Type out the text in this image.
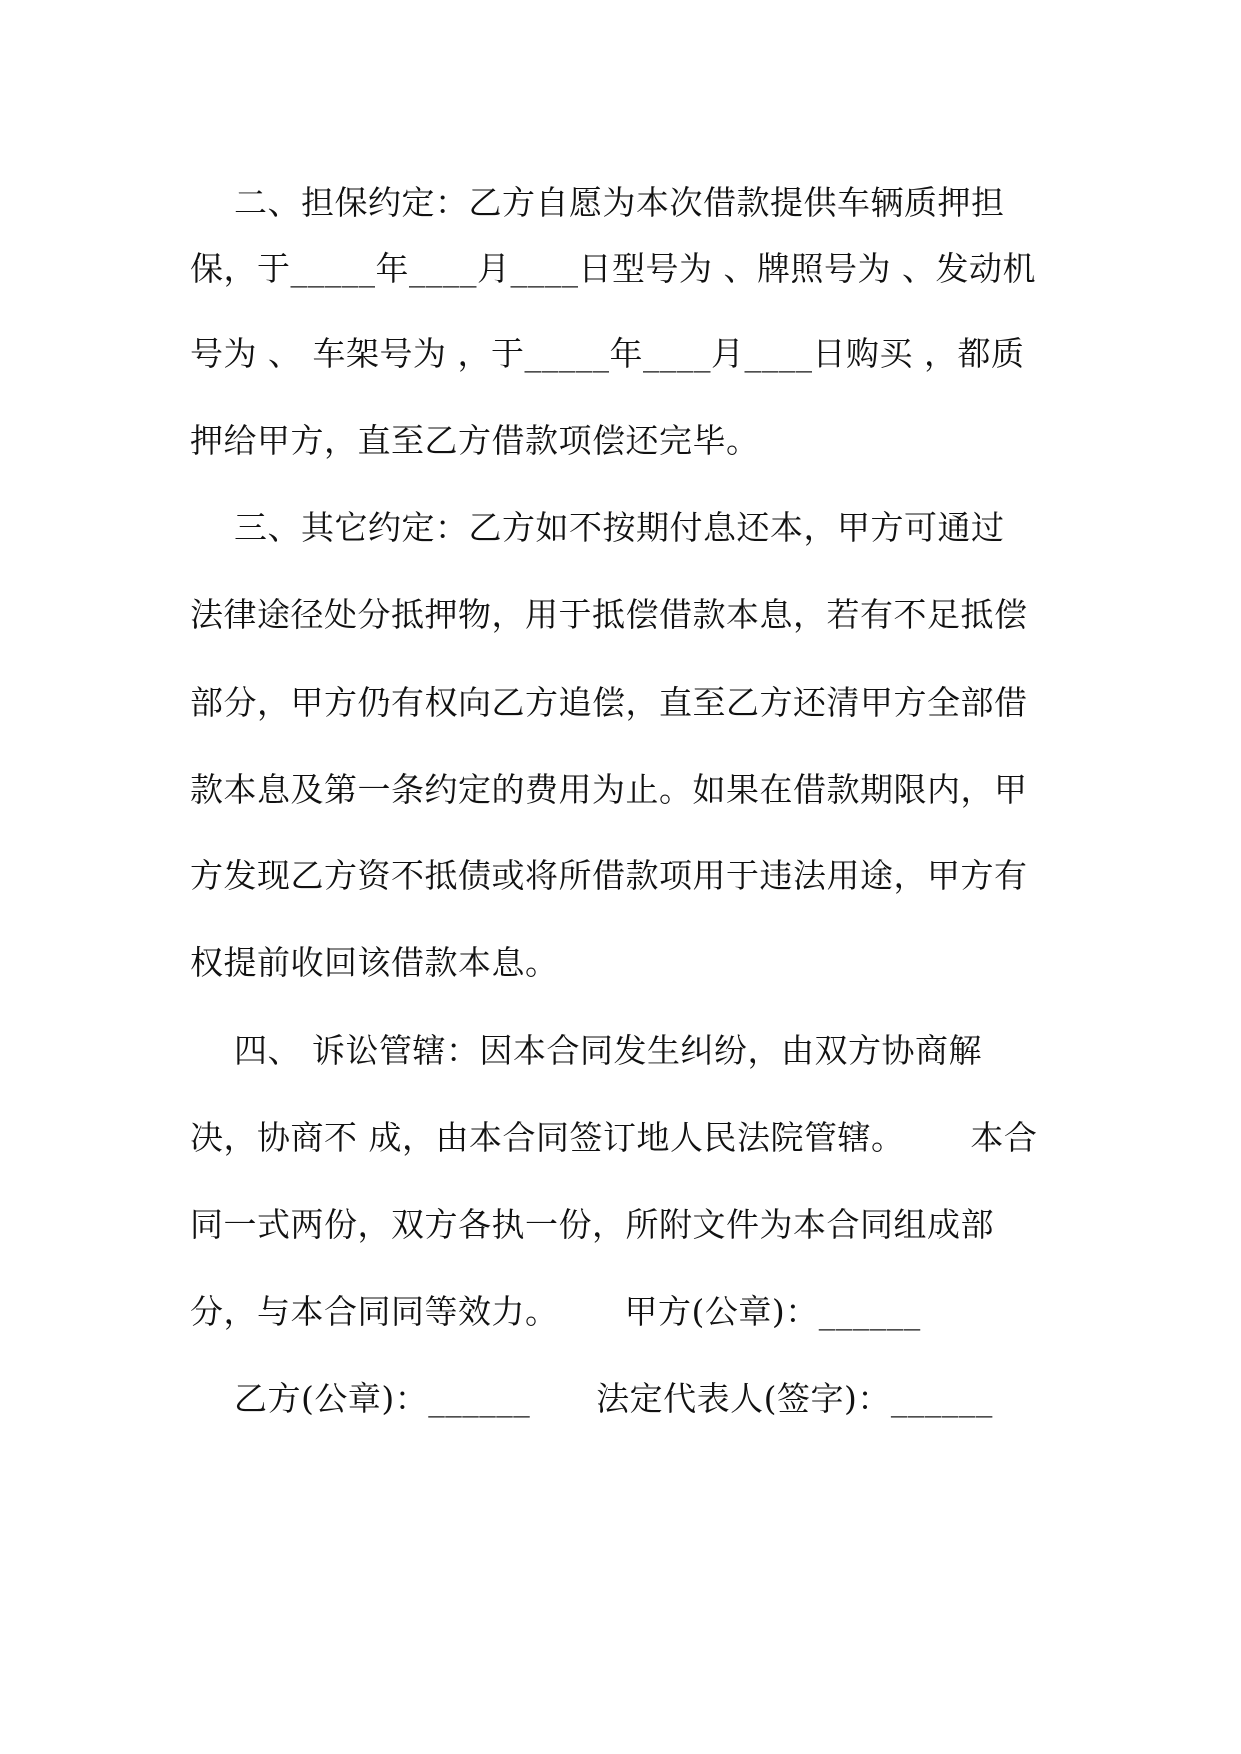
二、担保约定：乙方自愿为本次借款提供车辆质押担
保，于_____年____月____日型号为 、牌照号为 、发动机
号为 、 车架号为 ，于_____年____月____日购买 ，都质
押给甲方，直至乙方借款项偿还完毕。
三、其它约定：乙方如不按期付息还本，甲方可通过
法律途径处分抵押物，用于抵偿借款本息，若有不足抵偿
部分，甲方仍有权向乙方追偿，直至乙方还清甲方全部借
款本息及第一条约定的费用为止。如果在借款期限内，甲
方发现乙方资不抵债或将所借款项用于违法用途，甲方有
权提前收回该借款本息。
四、 诉讼管辖：因本合同发生纠纷，由双方协商解
决，协商不 成，由本合同签订地人民法院管辖。      本合
同一式两份，双方各执一份，所附文件为本合同组成部
分，与本合同同等效力。      甲方(公章)：______
乙方(公章)：______      法定代表人(签字)：______
